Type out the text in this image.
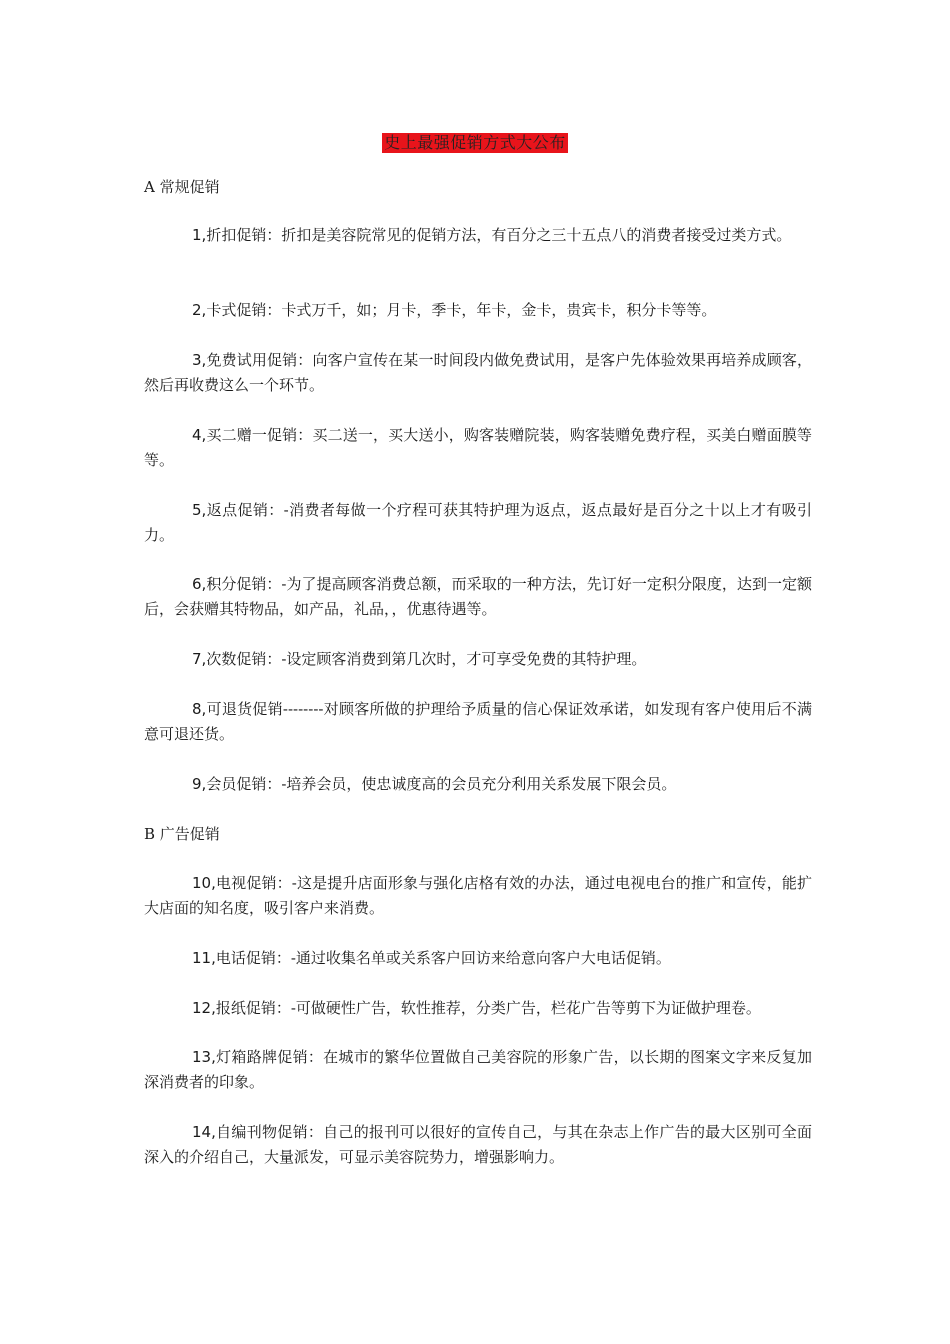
史上最强促销方式大公布
A 常规促销

1,折扣促销：折扣是美容院常见的促销方法，有百分之三十五点八的消费者接受过类方式。

2,卡式促销：卡式万千，如；月卡，季卡，年卡，金卡，贵宾卡，积分卡等等。

3,免费试用促销：向客户宣传在某一时间段内做免费试用，是客户先体验效果再培养成顾客，然后再收费这么一个环节。

4,买二赠一促销：买二送一，买大送小，购客装赠院装，购客装赠免费疗程，买美白赠面膜等等。

5,返点促销：-消费者每做一个疗程可获其特护理为返点，返点最好是百分之十以上才有吸引力。

6,积分促销：-为了提高顾客消费总额，而采取的一种方法，先订好一定积分限度，达到一定额后，会获赠其特物品，如产品，礼品，，优惠待遇等。

7,次数促销：-设定顾客消费到第几次时，才可享受免费的其特护理。

8,可退货促销--------对顾客所做的护理给予质量的信心保证效承诺，如发现有客户使用后不满意可退还货。

9,会员促销：-培养会员，使忠诚度高的会员充分利用关系发展下限会员。

B 广告促销

10,电视促销：-这是提升店面形象与强化店格有效的办法，通过电视电台的推广和宣传，能扩大店面的知名度，吸引客户来消费。

11,电话促销：-通过收集名单或关系客户回访来给意向客户大电话促销。

12,报纸促销：-可做硬性广告，软性推荐，分类广告，栏花广告等剪下为证做护理卷。

13,灯箱路牌促销：在城市的繁华位置做自己美容院的形象广告，以长期的图案文字来反复加深消费者的印象。

14,自编刊物促销：自己的报刊可以很好的宣传自己，与其在杂志上作广告的最大区别可全面深入的介绍自己，大量派发，可显示美容院势力，增强影响力。
